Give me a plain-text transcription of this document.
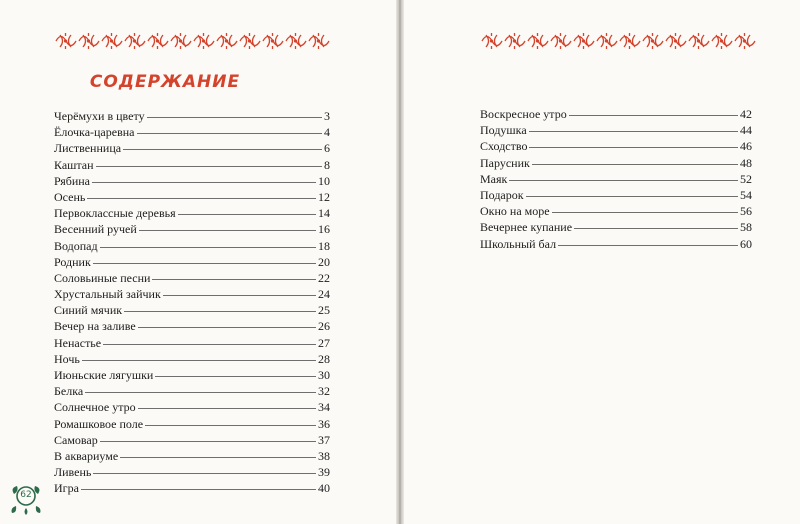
СОДЕРЖАНИЕ
Черёмухи в цвету	3
Ёлочка-царевна	4
Лиственница	6
Каштан	8
Рябина	10
Осень	12
Первоклассные деревья	14
Весенний ручей	16
Водопад	18
Родник	20
Соловьиные песни	22
Хрустальный зайчик	24
Синий мячик	25
Вечер на заливе	26
Ненастье	27
Ночь	28
Июньские лягушки	30
Белка	32
Солнечное утро	34
Ромашковое поле	36
Самовар	37
В аквариуме	38
Ливень	39
Игра	40
62
Воскресное утро	42
Подушка	44
Сходство	46
Парусник	48
Маяк	52
Подарок	54
Окно на море	56
Вечернее купание	58
Школьный бал	60
